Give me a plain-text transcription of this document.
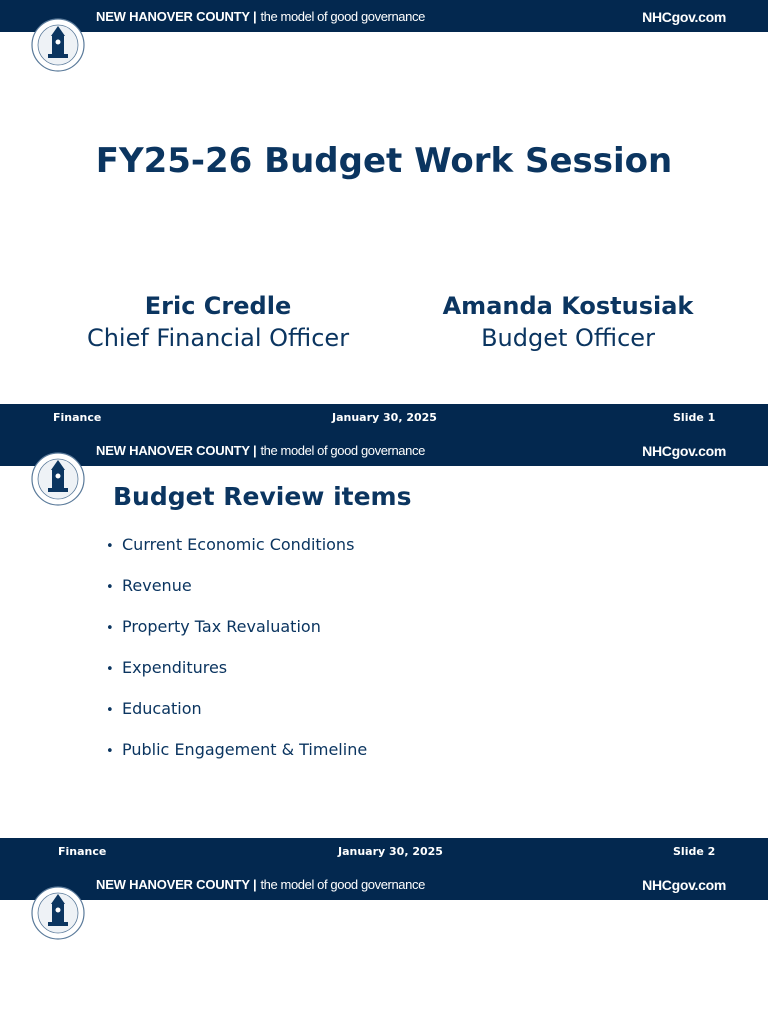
NEW HANOVER COUNTY | the model of good governance	NHCgov.com
FY25-26 Budget Work Session
Eric Credle
Chief Financial Officer
Amanda Kostusiak
Budget Officer
Finance	January 30, 2025	Slide 1
NEW HANOVER COUNTY | the model of good governance	NHCgov.com
Budget Review items
• Current Economic Conditions
• Revenue
• Property Tax Revaluation
• Expenditures
• Education
• Public Engagement & Timeline
Finance	January 30, 2025	Slide 2
NEW HANOVER COUNTY | the model of good governance	NHCgov.com
